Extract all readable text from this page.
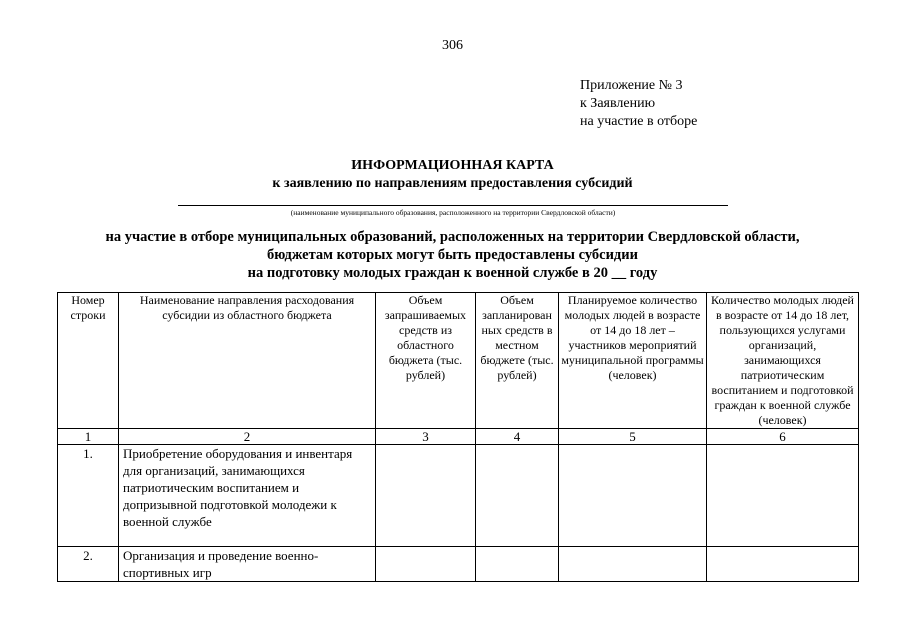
306
Приложение № 3
к Заявлению
на участие в отборе
ИНФОРМАЦИОННАЯ КАРТА
к заявлению по направлениям предоставления субсидий
(наименование муниципального образования, расположенного на территории Свердловской области)
на участие в отборе муниципальных образований, расположенных на территории Свердловской области,
бюджетам которых могут быть предоставлены субсидии
на подготовку молодых граждан к военной службе в 20 __ году
Номер строки	Наименование направления расходования субсидии из областного бюджета	Объем запрашиваемых средств из областного бюджета (тыс. рублей)	Объем запланирован ных средств в местном бюджете (тыс. рублей)	Планируемое количество молодых людей в возрасте от 14 до 18 лет – участников мероприятий муниципальной программы (человек)	Количество молодых людей в возрасте от 14 до 18 лет, пользующихся услугами организаций, занимающихся патриотическим воспитанием и подготовкой граждан к военной службе (человек)
1	2	3	4	5	6
1.	Приобретение оборудования и инвентаря для организаций, занимающихся патриотическим воспитанием и допризывной подготовкой молодежи к военной службе				
2.	Организация и проведение военно-спортивных игр				
